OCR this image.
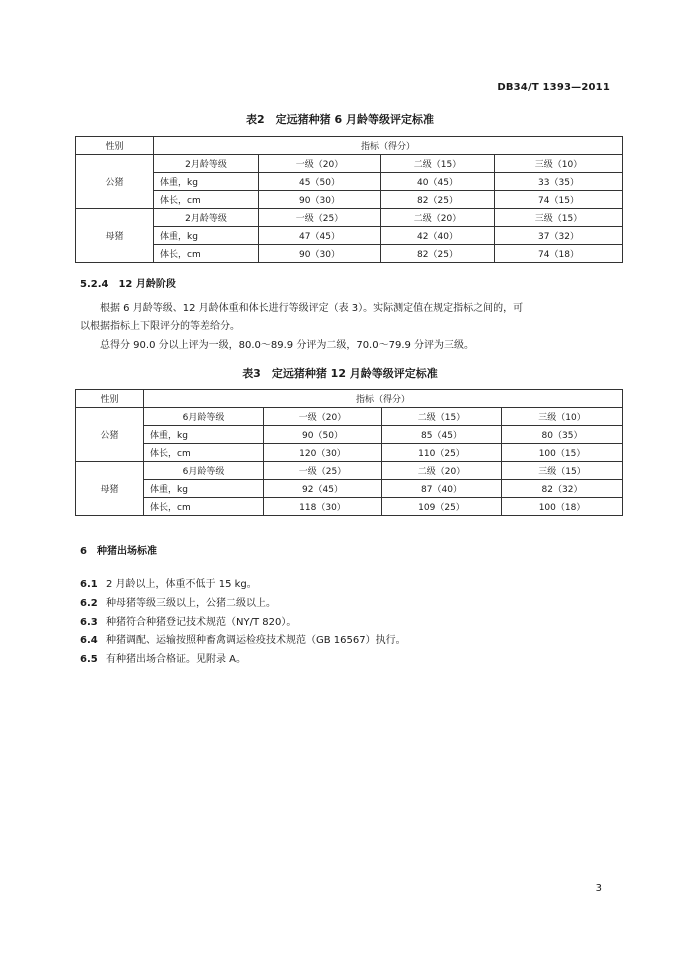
DB34/T 1393—2011
表2　定远猪种猪 6 月龄等级评定标准
性别	指标（得分）			
公猪	2月龄等级	一级（20）	二级（15）	三级（10）
	体重，kg	45（50）	40（45）	33（35）
	体长，cm	90（30）	82（25）	74（15）
母猪	2月龄等级	一级（25）	二级（20）	三级（15）
	体重，kg	47（45）	42（40）	37（32）
	体长，cm	90（30）	82（25）	74（18）
5.2.4　12 月龄阶段
根据 6 月龄等级、12 月龄体重和体长进行等级评定（表 3）。实际测定值在规定指标之间的，可
以根据指标上下限评分的等差给分。
总得分 90.0 分以上评为一级，80.0～89.9 分评为二级，70.0～79.9 分评为三级。
表3　定远猪种猪 12 月龄等级评定标准
性别	指标（得分）			
公猪	6月龄等级	一级（20）	二级（15）	三级（10）
	体重，kg	90（50）	85（45）	80（35）
	体长，cm	120（30）	110（25）	100（15）
母猪	6月龄等级	一级（25）	二级（20）	三级（15）
	体重，kg	92（45）	87（40）	82（32）
	体长，cm	118（30）	109（25）	100（18）
6　种猪出场标准
6.1 2 月龄以上，体重不低于 15 kg。
6.2 种母猪等级三级以上，公猪二级以上。
6.3 种猪符合种猪登记技术规范（NY/T 820）。
6.4 种猪调配、运输按照种畜禽调运检疫技术规范（GB 16567）执行。
6.5 有种猪出场合格证。见附录 A。
3
